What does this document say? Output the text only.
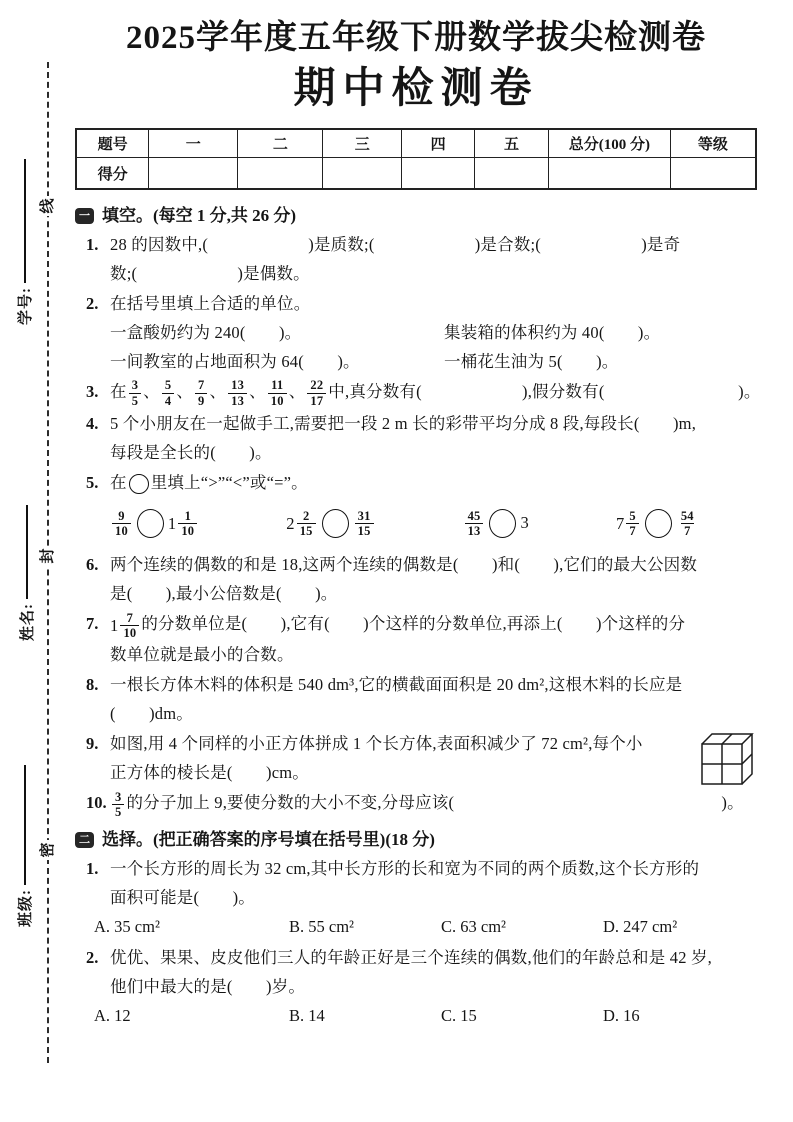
线
封
密
学号:
姓名:
班级:
2025学年度五年级下册数学拔尖检测卷
期中检测卷
题号	一	二	三	四	五	总分(100 分)	等级
得分							
一 填空。(每空 1 分,共 26 分)
1. 28 的因数中,(　　　　　　)是质数;(　　　　　　)是合数;(　　　　　　)是奇
数;(　　　　　　)是偶数。
2. 在括号里填上合适的单位。
一盒酸奶约为 240(　　)。	集装箱的体积约为 40(　　)。
一间教室的占地面积为 64(　　)。	一桶花生油为 5(　　)。
3. 在 $\frac{3}{5}$ 、 $\frac{5}{4}$ 、 $\frac{7}{9}$ 、 $\frac{13}{13}$ 、 $\frac{11}{10}$ 、 $\frac{22}{17}$ 中,真分数有(　　　　　　),假分数有(　　　　　　　　)。
4. 5 个小朋友在一起做手工,需要把一段 2 m 长的彩带平均分成 8 段,每段长(　　)m,
每段是全长的(　　)。
5. 在 里填上“>”“<”或“=”。
$\frac{9}{10} 1 \frac{1}{10}$	$2 \frac{2}{15}$	$\frac{31}{15}$	$\frac{45}{13} 3$	$7 \frac{5}{7}$	$\frac{54}{7}$
6. 两个连续的偶数的和是 18,这两个连续的偶数是(　　)和(　　),它们的最大公因数
是(　　),最小公倍数是(　　)。
7. $1 \frac{7}{10}$ 的分数单位是(　　),它有(　　)个这样的分数单位,再添上(　　)个这样的分
数单位就是最小的合数。
8. 一根长方体木料的体积是 540 dm³,它的横截面面积是 20 dm²,这根木料的长应是
(　　)dm。
9. 如图,用 4 个同样的小正方体拼成 1 个长方体,表面积减少了 72 cm²,每个小
正方体的棱长是(　　)cm。
10. $\frac{3}{5}$ 的分子加上 9,要使分数的大小不变,分母应该(　　　　　　　　　　　　　　　　)。
二 选择。(把正确答案的序号填在括号里)(18 分)
1. 一个长方形的周长为 32 cm,其中长方形的长和宽为不同的两个质数,这个长方形的
面积可能是(　　)。
A. 35 cm²	B. 55 cm²	C. 63 cm²	D. 247 cm²
2. 优优、果果、皮皮他们三人的年龄正好是三个连续的偶数,他们的年龄总和是 42 岁,
他们中最大的是(　　)岁。
A. 12	B. 14	C. 15	D. 16
